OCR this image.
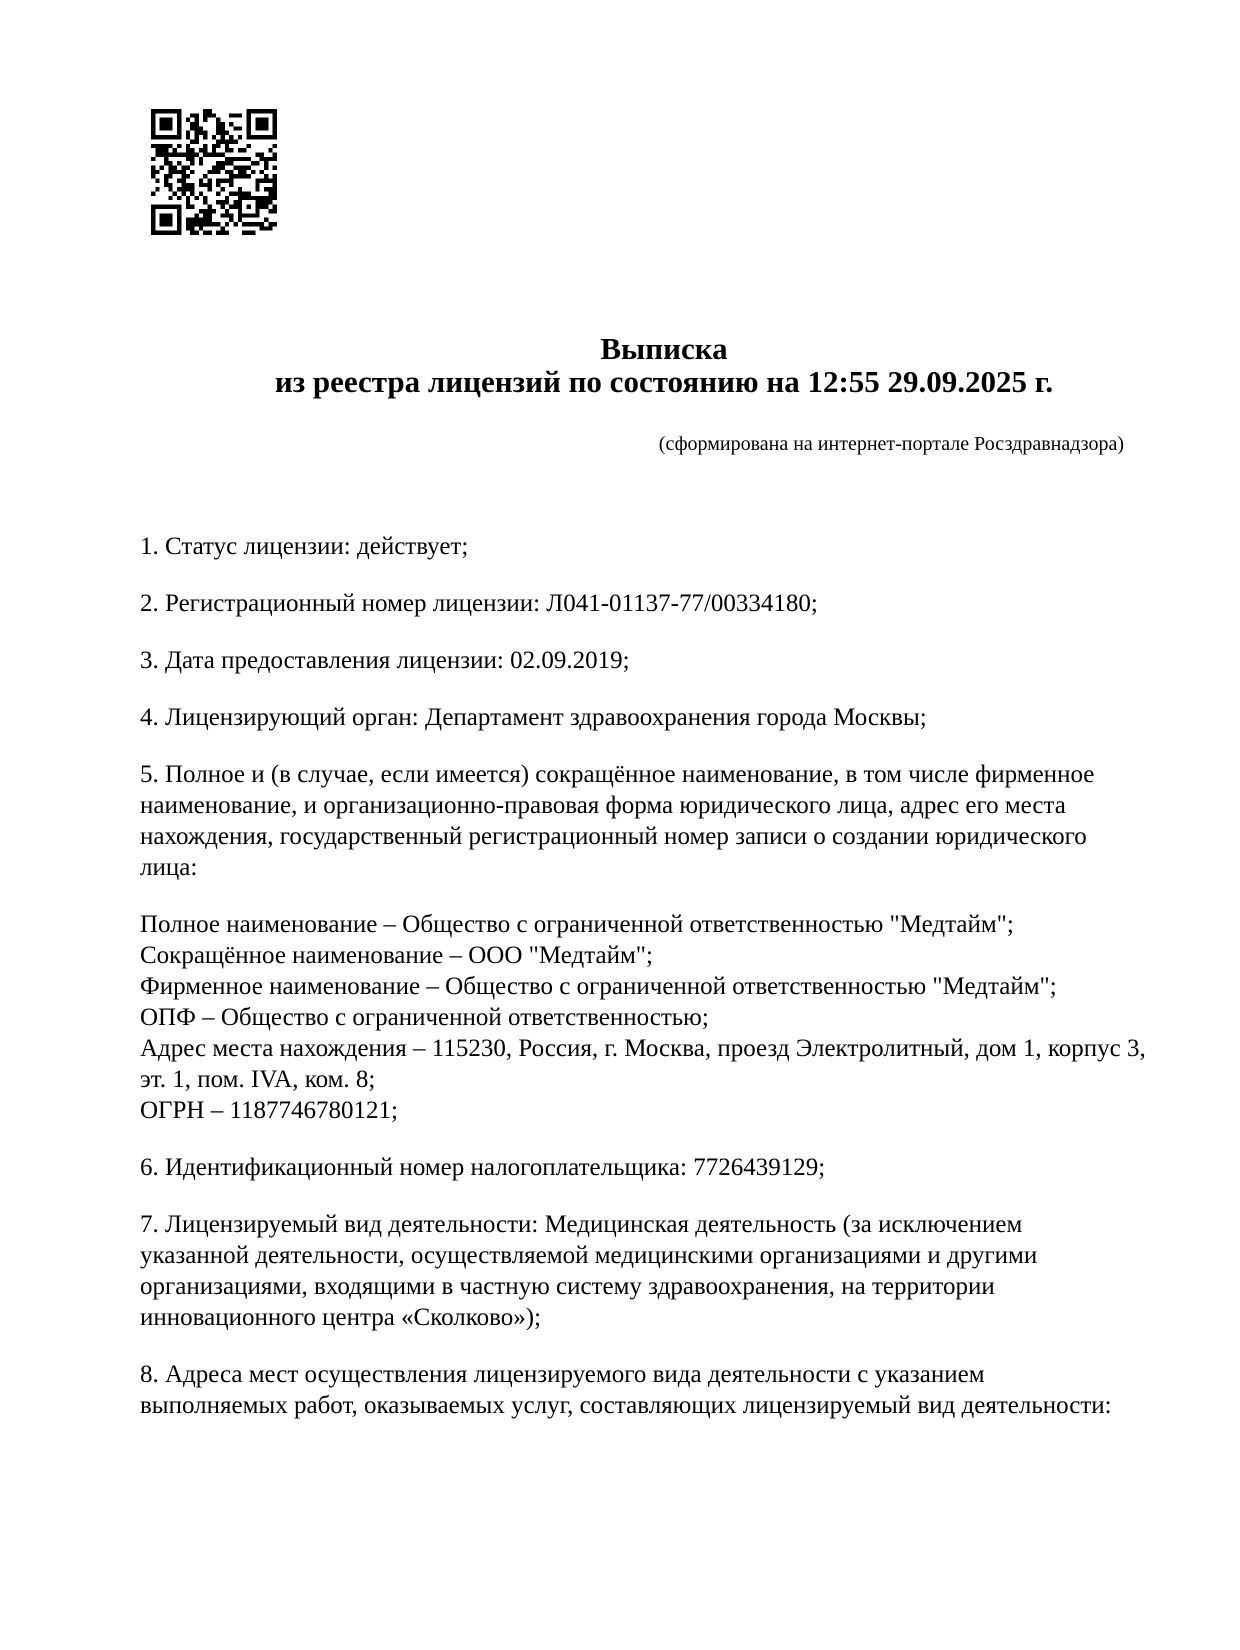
Выписка
из реестра лицензий по состоянию на 12:55 29.09.2025 г.
(сформирована на интернет-портале Росздравнадзора)

1. Статус лицензии: действует;

2. Регистрационный номер лицензии: Л041-01137-77/00334180;

3. Дата предоставления лицензии: 02.09.2019;

4. Лицензирующий орган: Департамент здравоохранения города Москвы;

5. Полное и (в случае, если имеется) сокращённое наименование, в том числе фирменное наименование, и организационно-правовая форма юридического лица, адрес его места нахождения, государственный регистрационный номер записи о создании юридического лица:

Полное наименование – Общество с ограниченной ответственностью "Медтайм";
Сокращённое наименование – ООО "Медтайм";
Фирменное наименование – Общество с ограниченной ответственностью "Медтайм";
ОПФ – Общество с ограниченной ответственностью;
Адрес места нахождения – 115230, Россия, г. Москва, проезд Электролитный, дом 1, корпус 3,
эт. 1, пом. IVA, ком. 8;
ОГРН – 1187746780121;

6. Идентификационный номер налогоплательщика: 7726439129;

7. Лицензируемый вид деятельности: Медицинская деятельность (за исключением указанной деятельности, осуществляемой медицинскими организациями и другими организациями, входящими в частную систему здравоохранения, на территории инновационного центра «Сколково»);

8. Адреса мест осуществления лицензируемого вида деятельности с указанием выполняемых работ, оказываемых услуг, составляющих лицензируемый вид деятельности:
